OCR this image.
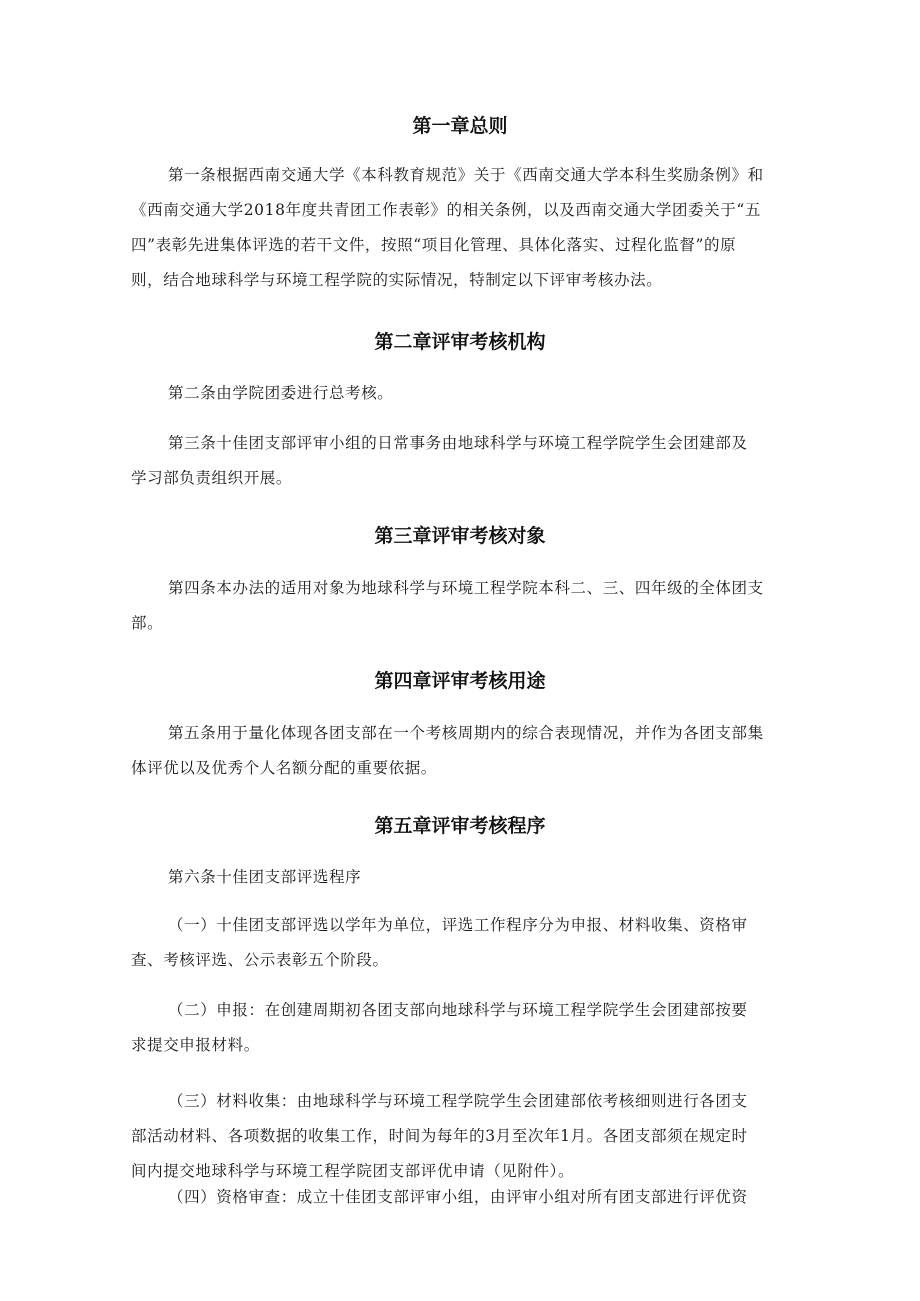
第一章总则

第一条根据西南交通大学《本科教育规范》关于《西南交通大学本科生奖励条例》和
《西南交通大学2018年度共青团工作表彰》的相关条例，以及西南交通大学团委关于“五
四”表彰先进集体评选的若干文件，按照“项目化管理、具体化落实、过程化监督”的原
则，结合地球科学与环境工程学院的实际情况，特制定以下评审考核办法。

第二章评审考核机构

第二条由学院团委进行总考核。

第三条十佳团支部评审小组的日常事务由地球科学与环境工程学院学生会团建部及
学习部负责组织开展。

第三章评审考核对象

第四条本办法的适用对象为地球科学与环境工程学院本科二、三、四年级的全体团支
部。

第四章评审考核用途

第五条用于量化体现各团支部在一个考核周期内的综合表现情况，并作为各团支部集
体评优以及优秀个人名额分配的重要依据。

第五章评审考核程序

第六条十佳团支部评选程序

（一）十佳团支部评选以学年为单位，评选工作程序分为申报、材料收集、资格审
查、考核评选、公示表彰五个阶段。

（二）申报：在创建周期初各团支部向地球科学与环境工程学院学生会团建部按要
求提交申报材料。

（三）材料收集：由地球科学与环境工程学院学生会团建部依考核细则进行各团支
部活动材料、各项数据的收集工作，时间为每年的3月至次年1月。各团支部须在规定时
间内提交地球科学与环境工程学院团支部评优申请（见附件）。

（四）资格审查：成立十佳团支部评审小组，由评审小组对所有团支部进行评优资
